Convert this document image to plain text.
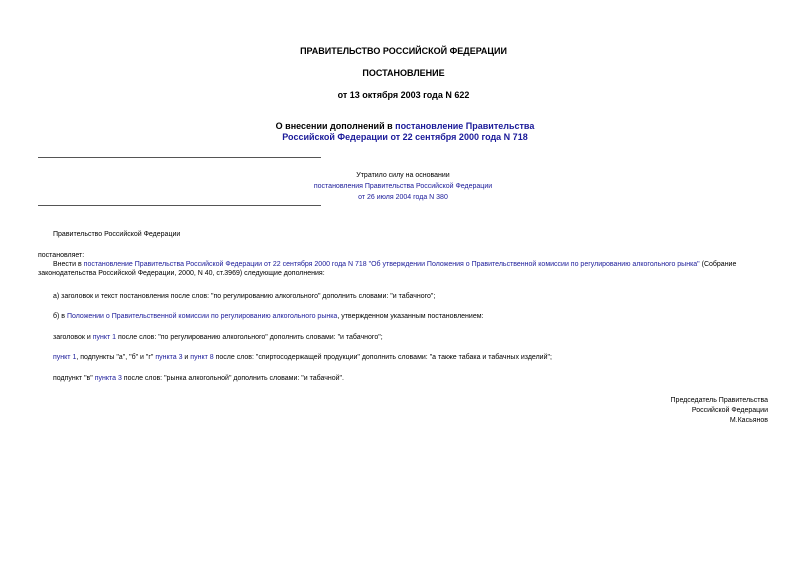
ПРАВИТЕЛЬСТВО РОССИЙСКОЙ ФЕДЕРАЦИИ
ПОСТАНОВЛЕНИЕ
от 13 октября 2003 года N 622
О внесении дополнений в постановление Правительства Российской Федерации от 22 сентября 2000 года N 718
Утратило силу на основании
постановления Правительства Российской Федерации
от 26 июля 2004 года N 380
Правительство Российской Федерации
постановляет:
Внести в постановление Правительства Российской Федерации от 22 сентября 2000 года N 718 "Об утверждении Положения о Правительственной комиссии по регулированию алкогольного рынка" (Собрание законодательства Российской Федерации, 2000, N 40, ст.3969) следующие дополнения:
а) заголовок и текст постановления после слов: "по регулированию алкогольного" дополнить словами: "и табачного";
б) в Положении о Правительственной комиссии по регулированию алкогольного рынка, утвержденном указанным постановлением:
заголовок и пункт 1 после слов: "по регулированию алкогольного" дополнить словами: "и табачного";
пункт 1, подпункты "а", "б" и "г" пункта 3 и пункт 8 после слов: "спиртосодержащей продукции" дополнить словами: "а также табака и табачных изделий";
подпункт "в" пункта 3 после слов: "рынка алкогольной" дополнить словами: "и табачной".
Председатель Правительства
Российской Федерации
М.Касьянов
